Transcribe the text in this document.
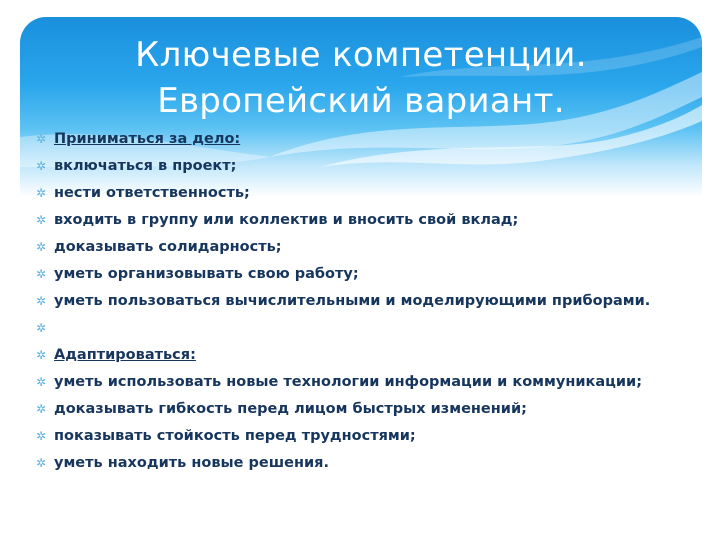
Ключевые компетенции.
Европейский вариант.
✲ Приниматься за дело:
✲ включаться в проект;
✲ нести ответственность;
✲ входить в группу или коллектив и вносить свой вклад;
✲ доказывать солидарность;
✲ уметь организовывать свою работу;
✲ уметь пользоваться вычислительными и моделирующими приборами.
✲
✲ Адаптироваться:
✲ уметь использовать новые технологии информации и коммуникации;
✲ доказывать гибкость перед лицом быстрых изменений;
✲ показывать стойкость перед трудностями;
✲ уметь находить новые решения.
